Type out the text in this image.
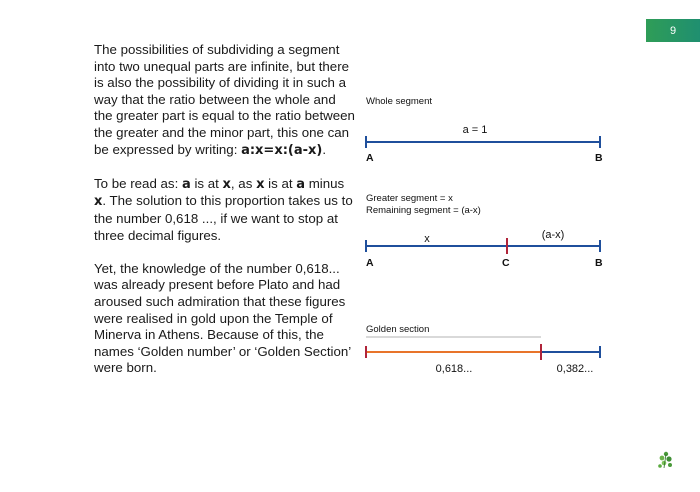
9

The possibilities of subdividing a segment into two unequal parts are infinite, but there is also the possibility of dividing it in such a way that the ratio between the whole and the greater part is equal to the ratio between the greater and the minor part, this one can be expressed by writing: a:x=x:(a-x).

To be read as: a is at x, as x is at a minus x. The solution to this proportion takes us to the number 0,618 ..., if we want to stop at three decimal figures.

Yet, the knowledge of the number 0,618... was already present before Plato and had aroused such admiration that these figures were realised in gold upon the Temple of Minerva in Athens. Because of this, the names ‘Golden number’ or ‘Golden Section’ were born.

Whole segment
a = 1
A	B
Greater segment = x
Remaining segment = (a-x)
x	(a-x)
A	C	B
Golden section
0,618...	0,382...
